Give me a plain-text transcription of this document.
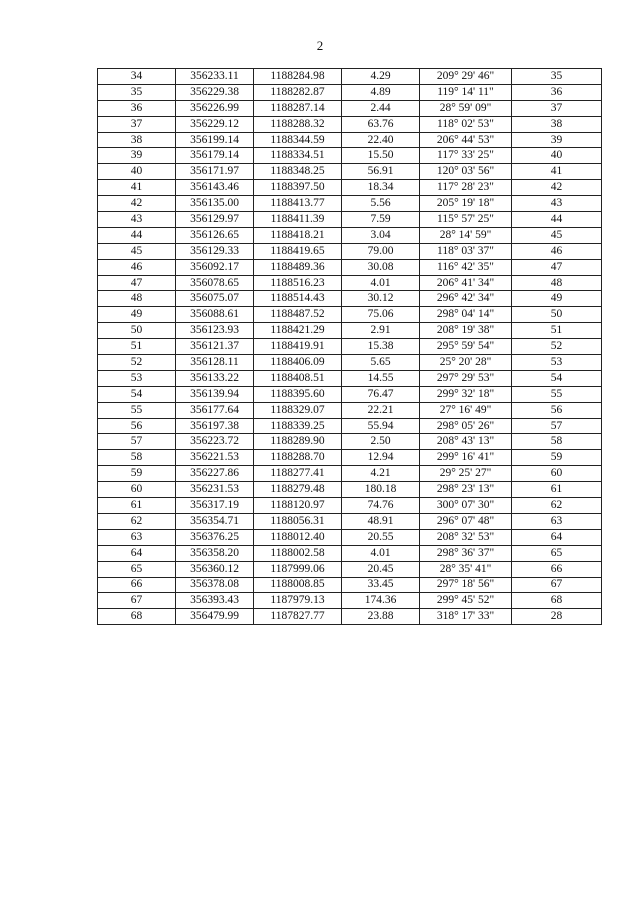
2
34	356233.11	1188284.98	4.29	209° 29' 46"	35
35	356229.38	1188282.87	4.89	119° 14' 11"	36
36	356226.99	1188287.14	2.44	28° 59' 09"	37
37	356229.12	1188288.32	63.76	118° 02' 53"	38
38	356199.14	1188344.59	22.40	206° 44' 53"	39
39	356179.14	1188334.51	15.50	117° 33' 25"	40
40	356171.97	1188348.25	56.91	120° 03' 56"	41
41	356143.46	1188397.50	18.34	117° 28' 23"	42
42	356135.00	1188413.77	5.56	205° 19' 18"	43
43	356129.97	1188411.39	7.59	115° 57' 25"	44
44	356126.65	1188418.21	3.04	28° 14' 59"	45
45	356129.33	1188419.65	79.00	118° 03' 37"	46
46	356092.17	1188489.36	30.08	116° 42' 35"	47
47	356078.65	1188516.23	4.01	206° 41' 34"	48
48	356075.07	1188514.43	30.12	296° 42' 34"	49
49	356088.61	1188487.52	75.06	298° 04' 14"	50
50	356123.93	1188421.29	2.91	208° 19' 38"	51
51	356121.37	1188419.91	15.38	295° 59' 54"	52
52	356128.11	1188406.09	5.65	25° 20' 28"	53
53	356133.22	1188408.51	14.55	297° 29' 53"	54
54	356139.94	1188395.60	76.47	299° 32' 18"	55
55	356177.64	1188329.07	22.21	27° 16' 49"	56
56	356197.38	1188339.25	55.94	298° 05' 26"	57
57	356223.72	1188289.90	2.50	208° 43' 13"	58
58	356221.53	1188288.70	12.94	299° 16' 41"	59
59	356227.86	1188277.41	4.21	29° 25' 27"	60
60	356231.53	1188279.48	180.18	298° 23' 13"	61
61	356317.19	1188120.97	74.76	300° 07' 30"	62
62	356354.71	1188056.31	48.91	296° 07' 48"	63
63	356376.25	1188012.40	20.55	208° 32' 53"	64
64	356358.20	1188002.58	4.01	298° 36' 37"	65
65	356360.12	1187999.06	20.45	28° 35' 41"	66
66	356378.08	1188008.85	33.45	297° 18' 56"	67
67	356393.43	1187979.13	174.36	299° 45' 52"	68
68	356479.99	1187827.77	23.88	318° 17' 33"	28
